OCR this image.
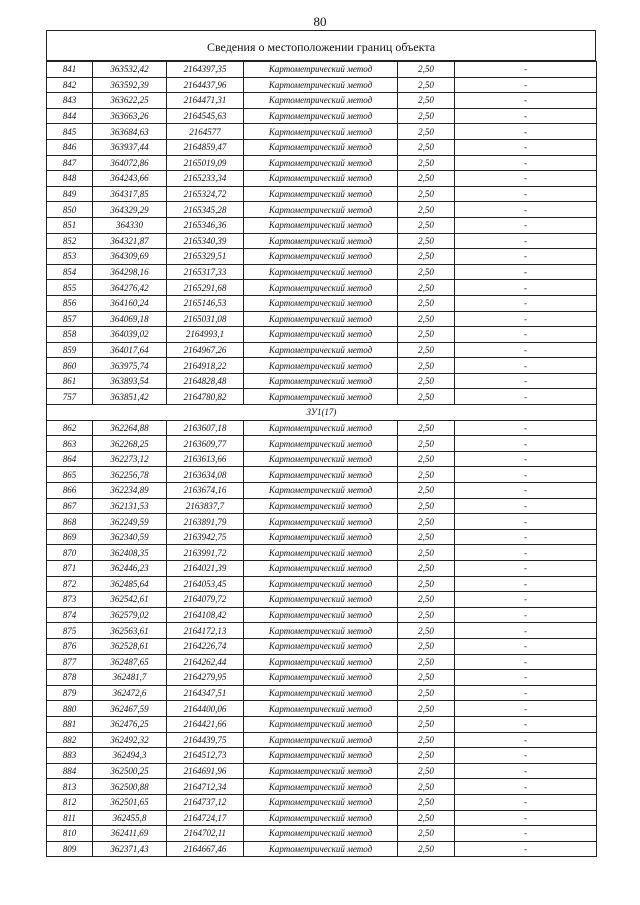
80
Сведения о местоположении границ объекта
841	363532,42	2164397,35	Картометрический метод	2,50	-
842	363592,39	2164437,96	Картометрический метод	2,50	-
843	363622,25	2164471,31	Картометрический метод	2,50	-
844	363663,26	2164545,63	Картометрический метод	2,50	-
845	363684,63	2164577	Картометрический метод	2,50	-
846	363937,44	2164859,47	Картометрический метод	2,50	-
847	364072,86	2165019,09	Картометрический метод	2,50	-
848	364243,66	2165233,34	Картометрический метод	2,50	-
849	364317,85	2165324,72	Картометрический метод	2,50	-
850	364329,29	2165345,28	Картометрический метод	2,50	-
851	364330	2165346,36	Картометрический метод	2,50	-
852	364321,87	2165340,39	Картометрический метод	2,50	-
853	364309,69	2165329,51	Картометрический метод	2,50	-
854	364298,16	2165317,33	Картометрический метод	2,50	-
855	364276,42	2165291,68	Картометрический метод	2,50	-
856	364160,24	2165146,53	Картометрический метод	2,50	-
857	364069,18	2165031,08	Картометрический метод	2,50	-
858	364039,02	2164993,1	Картометрический метод	2,50	-
859	364017,64	2164967,26	Картометрический метод	2,50	-
860	363975,74	2164918,22	Картометрический метод	2,50	-
861	363893,54	2164828,48	Картометрический метод	2,50	-
757	363851,42	2164780,82	Картометрический метод	2,50	-
ЗУ1(17)					
862	362264,88	2163607,18	Картометрический метод	2,50	-
863	362268,25	2163609,77	Картометрический метод	2,50	-
864	362273,12	2163613,66	Картометрический метод	2,50	-
865	362256,78	2163634,08	Картометрический метод	2,50	-
866	362234,89	2163674,16	Картометрический метод	2,50	-
867	362131,53	2163837,7	Картометрический метод	2,50	-
868	362249,59	2163891,79	Картометрический метод	2,50	-
869	362340,59	2163942,75	Картометрический метод	2,50	-
870	362408,35	2163991,72	Картометрический метод	2,50	-
871	362446,23	2164021,39	Картометрический метод	2,50	-
872	362485,64	2164053,45	Картометрический метод	2,50	-
873	362542,61	2164079,72	Картометрический метод	2,50	-
874	362579,02	2164108,42	Картометрический метод	2,50	-
875	362563,61	2164172,13	Картометрический метод	2,50	-
876	362528,61	2164226,74	Картометрический метод	2,50	-
877	362487,65	2164262,44	Картометрический метод	2,50	-
878	362481,7	2164279,95	Картометрический метод	2,50	-
879	362472,6	2164347,51	Картометрический метод	2,50	-
880	362467,59	2164400,06	Картометрический метод	2,50	-
881	362476,25	2164421,66	Картометрический метод	2,50	-
882	362492,32	2164439,75	Картометрический метод	2,50	-
883	362494,3	2164512,73	Картометрический метод	2,50	-
884	362500,25	2164691,96	Картометрический метод	2,50	-
813	362500,88	2164712,34	Картометрический метод	2,50	-
812	362501,65	2164737,12	Картометрический метод	2,50	-
811	362455,8	2164724,17	Картометрический метод	2,50	-
810	362411,69	2164702,11	Картометрический метод	2,50	-
809	362371,43	2164667,46	Картометрический метод	2,50	-
